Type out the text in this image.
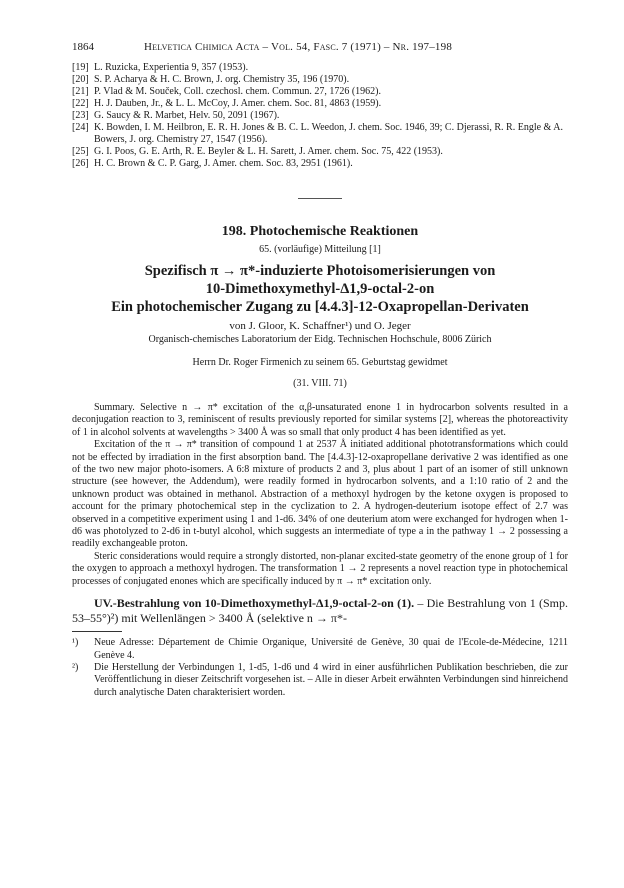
1864	Helvetica Chimica Acta – Vol. 54, Fasc. 7 (1971) – Nr. 197–198
[19] L. Ruzicka, Experientia 9, 357 (1953).
[20] S. P. Acharya & H. C. Brown, J. org. Chemistry 35, 196 (1970).
[21] P. Vlad & M. Souček, Coll. czechosl. chem. Commun. 27, 1726 (1962).
[22] H. J. Dauben, Jr., & L. L. McCoy, J. Amer. chem. Soc. 81, 4863 (1959).
[23] G. Saucy & R. Marbet, Helv. 50, 2091 (1967).
[24] K. Bowden, I. M. Heilbron, E. R. H. Jones & B. C. L. Weedon, J. chem. Soc. 1946, 39; C. Djerassi, R. R. Engle & A. Bowers, J. org. Chemistry 27, 1547 (1956).
[25] G. I. Poos, G. E. Arth, R. E. Beyler & L. H. Sarett, J. Amer. chem. Soc. 75, 422 (1953).
[26] H. C. Brown & C. P. Garg, J. Amer. chem. Soc. 83, 2951 (1961).
198. Photochemische Reaktionen
65. (vorläufige) Mitteilung [1]
Spezifisch π → π*-induzierte Photoisomerisierungen von
10-Dimethoxymethyl-Δ1,9-octal-2-on
Ein photochemischer Zugang zu [4.4.3]-12-Oxapropellan-Derivaten
von J. Gloor, K. Schaffner¹) und O. Jeger
Organisch-chemisches Laboratorium der Eidg. Technischen Hochschule, 8006 Zürich
Herrn Dr. Roger Firmenich zu seinem 65. Geburtstag gewidmet
(31. VIII. 71)

Summary. Selective n → π* excitation of the α,β-unsaturated enone 1 in hydrocarbon solvents resulted in a deconjugation reaction to 3, reminiscent of results previously reported for similar systems [2], whereas the photoreactivity of 1 in alcohol solvents at wavelengths > 3400 Å was so small that only product 4 has been identified as yet.

Excitation of the π → π* transition of compound 1 at 2537 Å initiated additional phototransformations which could not be effected by irradiation in the first absorption band. The [4.4.3]-12-oxapropellane derivative 2 was identified as one of the two new major photo-isomers. A 6:8 mixture of products 2 and 3, plus about 1 part of an isomer of still unknown structure (see however, the Addendum), were readily formed in hydrocarbon solvents, and a 1:10 ratio of 2 and the unknown product was obtained in methanol. Abstraction of a methoxyl hydrogen by the ketone oxygen is proposed to account for the primary photochemical step in the cyclization to 2. A hydrogen-deuterium isotope effect of 2.7 was observed in a competitive experiment using 1 and 1-d6. 34% of one deuterium atom were exchanged for hydrogen when 1-d6 was photolyzed to 2-d6 in t-butyl alcohol, which suggests an intermediate of type a in the pathway 1 → 2 possessing a readily exchangeable proton.

Steric considerations would require a strongly distorted, non-planar excited-state geometry of the enone group of 1 for the oxygen to approach a methoxyl hydrogen. The transformation 1 → 2 represents a novel reaction type in photochemical processes of conjugated enones which are specifically induced by π → π* excitation only.

UV.-Bestrahlung von 10-Dimethoxymethyl-Δ1,9-octal-2-on (1). – Die Bestrahlung von 1 (Smp. 53–55°)²) mit Wellenlängen > 3400 Å (selektive n → π*-

¹)	Neue Adresse: Département de Chimie Organique, Université de Genève, 30 quai de l'Ecole-de-Médecine, 1211 Genève 4.
²)	Die Herstellung der Verbindungen 1, 1-d5, 1-d6 und 4 wird in einer ausführlichen Publikation beschrieben, die zur Veröffentlichung in dieser Zeitschrift vorgesehen ist. – Alle in dieser Arbeit erwähnten Verbindungen sind hinreichend durch analytische Daten charakterisiert worden.
